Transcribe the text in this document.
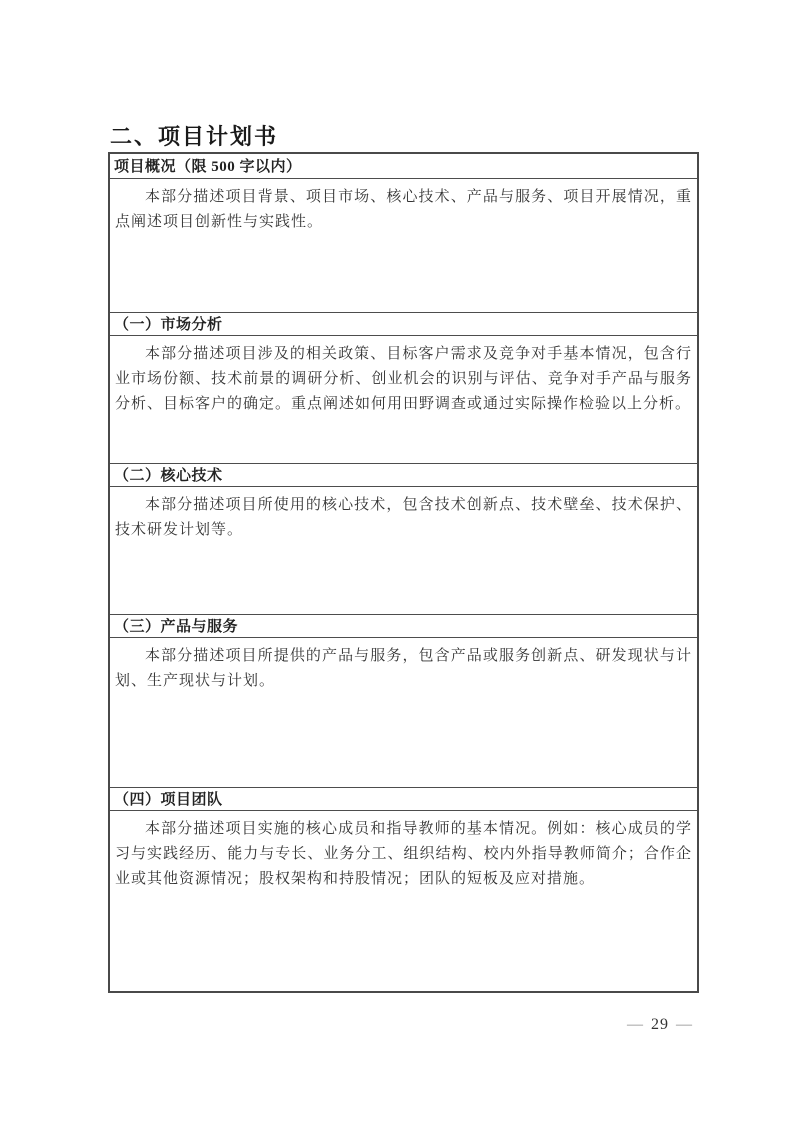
二、项目计划书
项目概况（限 500 字以内）

本部分描述项目背景、项目市场、核心技术、产品与服务、项目开展情况，重点阐述项目创新性与实践性。

（一）市场分析

本部分描述项目涉及的相关政策、目标客户需求及竞争对手基本情况，包含行业市场份额、技术前景的调研分析、创业机会的识别与评估、竞争对手产品与服务分析、目标客户的确定。重点阐述如何用田野调查或通过实际操作检验以上分析。

（二）核心技术

本部分描述项目所使用的核心技术，包含技术创新点、技术壁垒、技术保护、技术研发计划等。

（三）产品与服务

本部分描述项目所提供的产品与服务，包含产品或服务创新点、研发现状与计划、生产现状与计划。

（四）项目团队

本部分描述项目实施的核心成员和指导教师的基本情况。例如：核心成员的学习与实践经历、能力与专长、业务分工、组织结构、校内外指导教师简介；合作企业或其他资源情况；股权架构和持股情况；团队的短板及应对措施。

— 29 —
